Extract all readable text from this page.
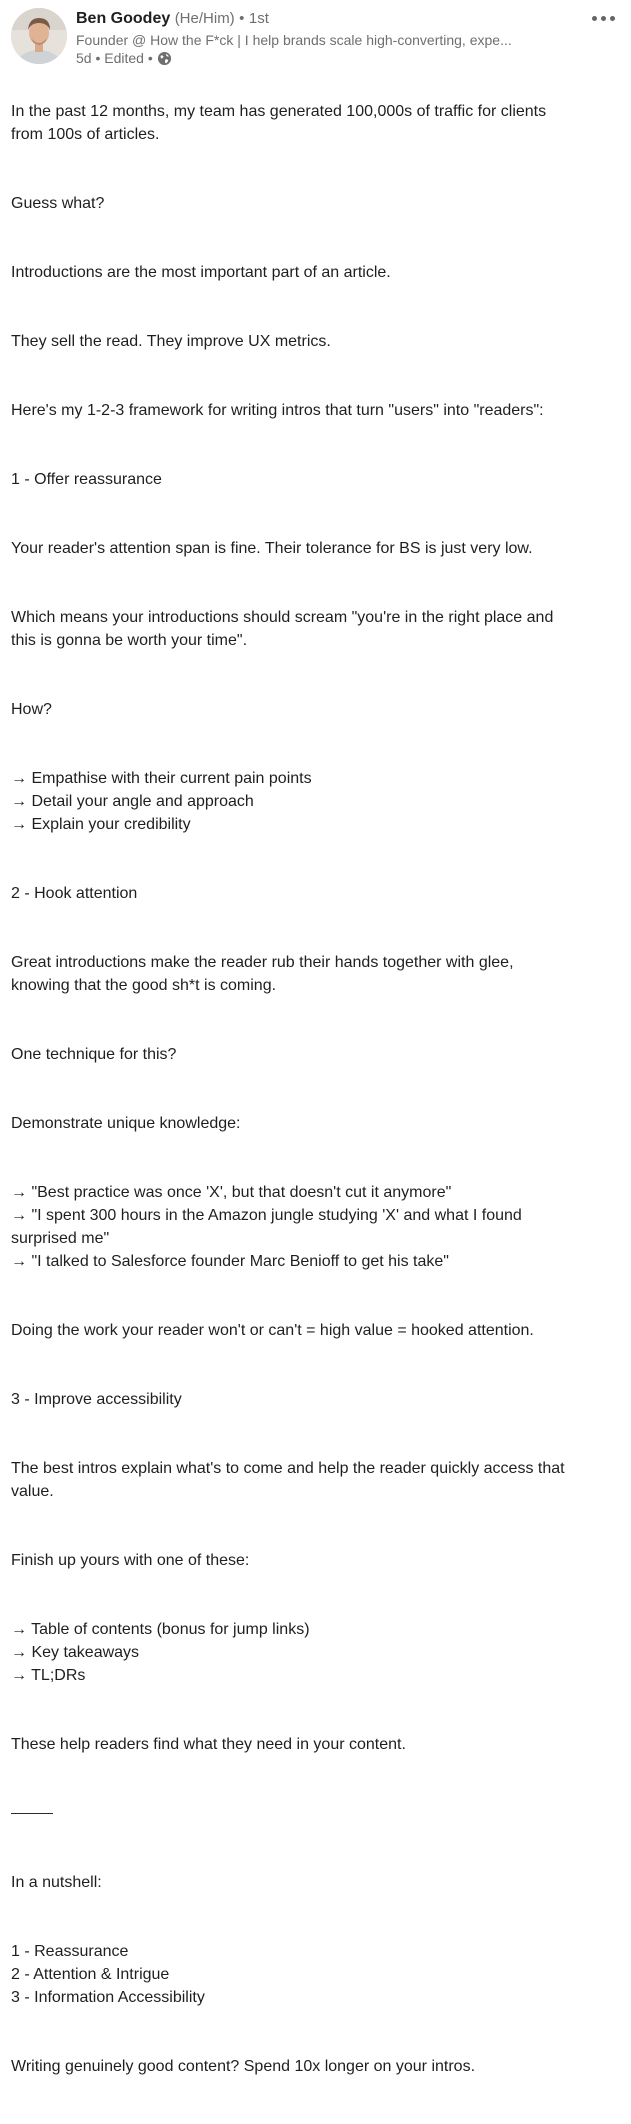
Ben Goodey (He/Him) • 1st
Founder @ How the F*ck | I help brands scale high-converting, expe...
5d • Edited •

In the past 12 months, my team has generated 100,000s of traffic for clients
from 100s of articles.

Guess what?

Introductions are the most important part of an article.

They sell the read. They improve UX metrics.

Here's my 1-2-3 framework for writing intros that turn "users" into "readers":

1 - Offer reassurance

Your reader's attention span is fine. Their tolerance for BS is just very low.

Which means your introductions should scream "you're in the right place and
this is gonna be worth your time".

How?

→ Empathise with their current pain points
→ Detail your angle and approach
→ Explain your credibility

2 - Hook attention

Great introductions make the reader rub their hands together with glee,
knowing that the good sh*t is coming.

One technique for this?

Demonstrate unique knowledge:

→ "Best practice was once 'X', but that doesn't cut it anymore"
→ "I spent 300 hours in the Amazon jungle studying 'X' and what I found
surprised me"
→ "I talked to Salesforce founder Marc Benioff to get his take"

Doing the work your reader won't or can't = high value = hooked attention.

3 - Improve accessibility

The best intros explain what's to come and help the reader quickly access that
value.

Finish up yours with one of these:

→ Table of contents (bonus for jump links)
→ Key takeaways
→ TL;DRs

These help readers find what they need in your content.

In a nutshell:

1 - Reassurance
2 - Attention & Intrigue
3 - Information Accessibility

Writing genuinely good content? Spend 10x longer on your intros.
